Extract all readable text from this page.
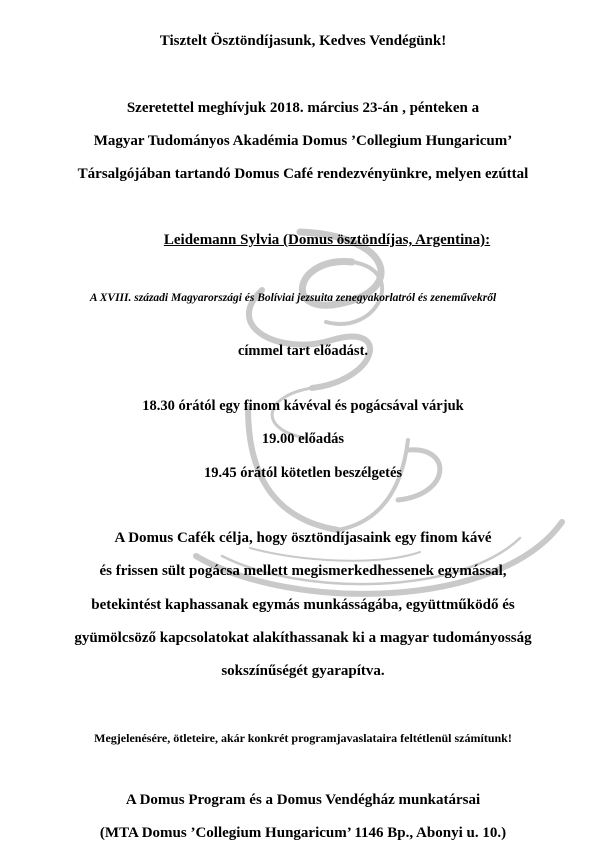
Tisztelt Ösztöndíjasunk, Kedves Vendégünk!
Szeretettel meghívjuk 2018. március 23-án , pénteken a
Magyar Tudományos Akadémia Domus ’Collegium Hungaricum’
Társalgójában tartandó Domus Café rendezvényünkre, melyen ezúttal
Leidemann Sylvia (Domus ösztöndíjas, Argentina):
A XVIII. századi Magyarországi és Bolíviai jezsuita zenegyakorlatról és zeneművekről
címmel tart előadást.
18.30 órától egy finom kávéval és pogácsával várjuk
19.00 előadás
19.45 órától kötetlen beszélgetés
A Domus Cafék célja, hogy ösztöndíjasaink egy finom kávé
és frissen sült pogácsa mellett megismerkedhessenek egymással,
betekintést kaphassanak egymás munkásságába, együttműködő és
gyümölcsöző kapcsolatokat alakíthassanak ki a magyar tudományosság
sokszínűségét gyarapítva.
Megjelenésére, ötleteire, akár konkrét programjavaslataira feltétlenül számítunk!
A Domus Program és a Domus Vendégház munkatársai
(MTA Domus ’Collegium Hungaricum’ 1146 Bp., Abonyi u. 10.)
